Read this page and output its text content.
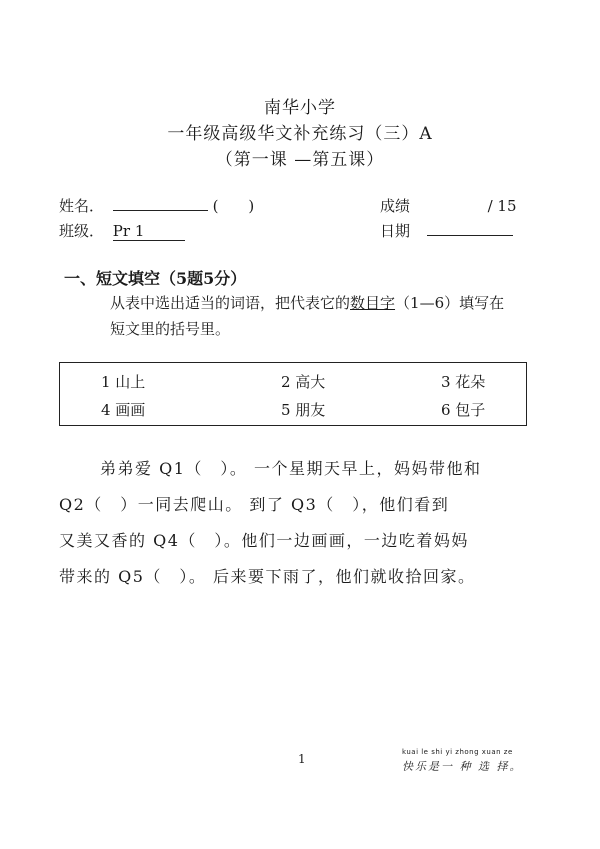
南华小学
一年级高级华文补充练习（三）A
（第一课 —第五课）
姓名．	(　　)
班级． Pr 1
成绩	/ 15
日期
一、短文填空（5题5分）
从表中选出适当的词语，把代表它的数目字（1—6）填写在
短文里的括号里。
1 山上	2 高大	3 花朵
4 画画	5 朋友	6 包子
弟弟爱 Q1（　）。 一个星期天早上，妈妈带他和
Q2（　）一同去爬山。 到了 Q3（　），他们看到
又美又香的 Q4（　）。他们一边画画，一边吃着妈妈
带来的 Q5（　）。 后来要下雨了，他们就收拾回家。
1	kuai le shi yi zhong xuan ze
快乐是一 种 选 择。
